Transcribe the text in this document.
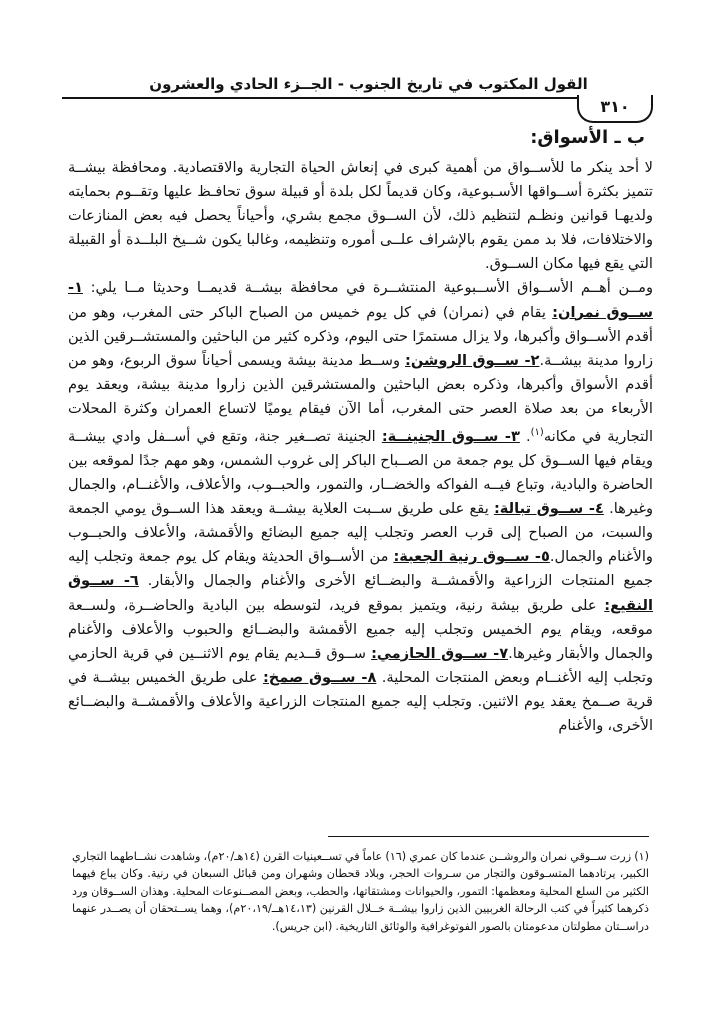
القول المكتوب في تاريخ الجنوب - الجــزء الحادي والعشرون
٣١٠
ب ـ الأسواق:

لا أحد ينكر ما للأســواق من أهمية كبرى في إنعاش الحياة التجارية والاقتصادية. ومحافظة بيشــة تتميز بكثرة أســواقها الأسـبوعية، وكان قديماً لكل بلدة أو قبيلة سوق تحافـظ عليها وتقــوم بحمايته ولديهـا قوانين ونظـم لتنظيم ذلك، لأن الســوق مجمع بشري، وأحياناً يحصل فيه بعض المنازعات والاختلافات، فلا بد ممن يقوم بالإشراف علــى أموره وتنظيمه، وغالبا يكون شــيخ البلــدة أو القبيلة التي يقع فيها مكان الســوق.

ومــن أهــم الأســواق الأســبوعية المنتشــرة في محافظة بيشــة قديمــا وحديثا مــا يلي: ١- ســوق نمران: يقام في (نمران) في كل يوم خميس من الصباح الباكر حتى المغرب، وهو من أقدم الأســواق وأكبرها، ولا يزال مستمرًا حتى اليوم، وذكره كثير من الباحثين والمستشــرقين الذين زاروا مدينة بيشــة.٢- ســوق الروشن: وســط مدينة بيشة ويسمى أحياناً سوق الربوع، وهو من أقدم الأسواق وأكبرها، وذكره بعض الباحثين والمستشرقين الذين زاروا مدينة بيشة، ويعقد يوم الأربعاء من بعد صلاة العصر حتى المغرب، أما الآن فيقام يوميًا لاتساع العمران وكثرة المحلات التجارية في مكانه$^{(١)}$. ٣- ســوق الجنينــة: الجنينة تصــغير جنة، وتقع في أســفل وادي بيشــة ويقام فيها الســوق كل يوم جمعة من الصــباح الباكر إلى غروب الشمس، وهو مهم جدًا لموقعه بين الحاضرة والبادية، وتباع فيــه الفواكه والخضــار، والتمور، والحبــوب، والأعلاف، والأغنــام، والجمال وغيرها. ٤- ســوق تبالة: يقع على طريق ســبت العلاية بيشــة ويعقد هذا الســوق يومي الجمعة والسبت، من الصباح إلى قرب العصر وتجلب إليه جميع البضائع والأقمشة، والأعلاف والحبــوب والأغنام والجمال.٥- ســوق رنية الجعبة: من الأســواق الحديثة ويقام كل يوم جمعة وتجلب إليه جميع المنتجات الزراعية والأقمشــة والبضــائع الأخرى والأغنام والجمال والأبقار. ٦- ســوق النقيع: على طريق بيشة رنية، ويتميز بموقع فريد، لتوسطه بين البادية والحاضــرة، ولســعة موقعه، ويقام يوم الخميس وتجلب إليه جميع الأقمشة والبضــائع والحبوب والأعلاف والأغنام والجمال والأبقار وغيرها.٧- ســوق الحازمي: ســوق قــديم يقام يوم الاثنــين في قرية الحازمي وتجلب إليه الأغنــام وبعض المنتجات المحلية. ٨- ســوق صمخ: على طريق الخميس بيشــة في قرية صــمخ يعقد يوم الاثنين. وتجلب إليه جميع المنتجات الزراعية والأعلاف والأقمشــة والبضــائع الأخرى، والأغنام

(١) زرت ســوقي نمران والروشــن عندما كان عمري (١٦) عاماً في تســعينيات القرن (١٤هـ/٢٠م)، وشاهدت نشــاطهما التجاري الكبير، يرتادهما المتسـوقون والتجار من سـروات الحجر، وبلاد قحطان وشهران ومن قبائل السبعان في رنية. وكان يباع فيهما الكثير من السلع المحلية ومعظمها: التمور، والحيوانات ومشتقاتها، والحطب، وبعض المصــنوعات المحلية. وهذان الســوقان ورد ذكرهما كثيراً في كتب الرحالة الغربيين الذين زاروا بيشــة خــلال القرنين (١٤،١٣هــ/٢٠،١٩م)، وهما يســتحقان أن يصــدر عنهما دراســتان مطولتان مدعومتان بالصور الفوتوغرافية والوثائق التاريخية. (ابن جريس).
